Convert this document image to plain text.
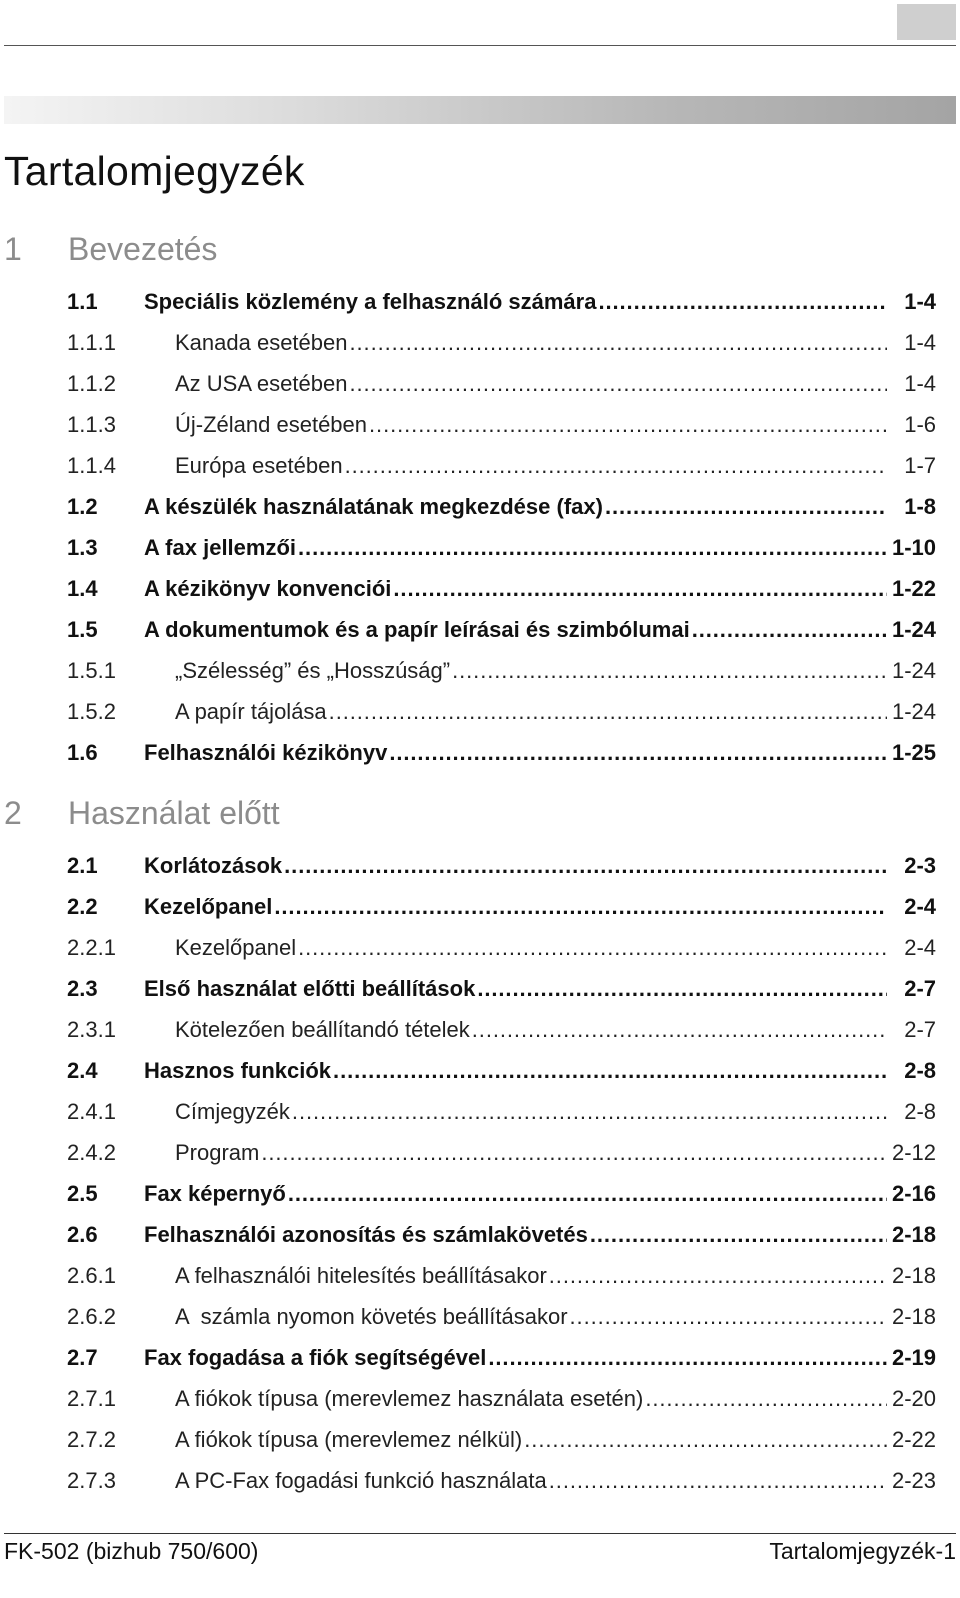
Tartalomjegyzék
1 Bevezetés
1.1 Speciális közlemény a felhasználó számára . . .	1-4
1.1.1	Kanada esetében . . .	1-4
1.1.2	Az USA esetében . . .	1-4
1.1.3	Új-Zéland esetében . . .	1-6
1.1.4	Európa esetében . . .	1-7
1.2 A készülék használatának megkezdése (fax) . . .	1-8
1.3 A fax jellemzői . . .	1-10
1.4 A kézikönyv konvenciói . . .	1-22
1.5 A dokumentumok és a papír leírásai és szimbólumai . . .	1-24
1.5.1	„Szélesség” és „Hosszúság” . . .	1-24
1.5.2	A papír tájolása . . .	1-24
1.6 Felhasználói kézikönyv . . .	1-25
2 Használat előtt
2.1 Korlátozások . . .	2-3
2.2 Kezelőpanel . . .	2-4
2.2.1	Kezelőpanel . . .	2-4
2.3 Első használat előtti beállítások . . .	2-7
2.3.1	Kötelezően beállítandó tételek . . .	2-7
2.4 Hasznos funkciók . . .	2-8
2.4.1	Címjegyzék . . .	2-8
2.4.2	Program . . .	2-12
2.5 Fax képernyő . . .	2-16
2.6 Felhasználói azonosítás és számlakövetés . . .	2-18
2.6.1	A felhasználói hitelesítés beállításakor . . .	2-18
2.6.2	A  számla nyomon követés beállításakor . . .	2-18
2.7 Fax fogadása a fiók segítségével . . .	2-19
2.7.1	A fiókok típusa (merevlemez használata esetén) . . .	2-20
2.7.2	A fiókok típusa (merevlemez nélkül) . . .	2-22
2.7.3	A PC-Fax fogadási funkció használata . . .	2-23
FK-502 (bizhub 750/600)	Tartalomjegyzék-1
